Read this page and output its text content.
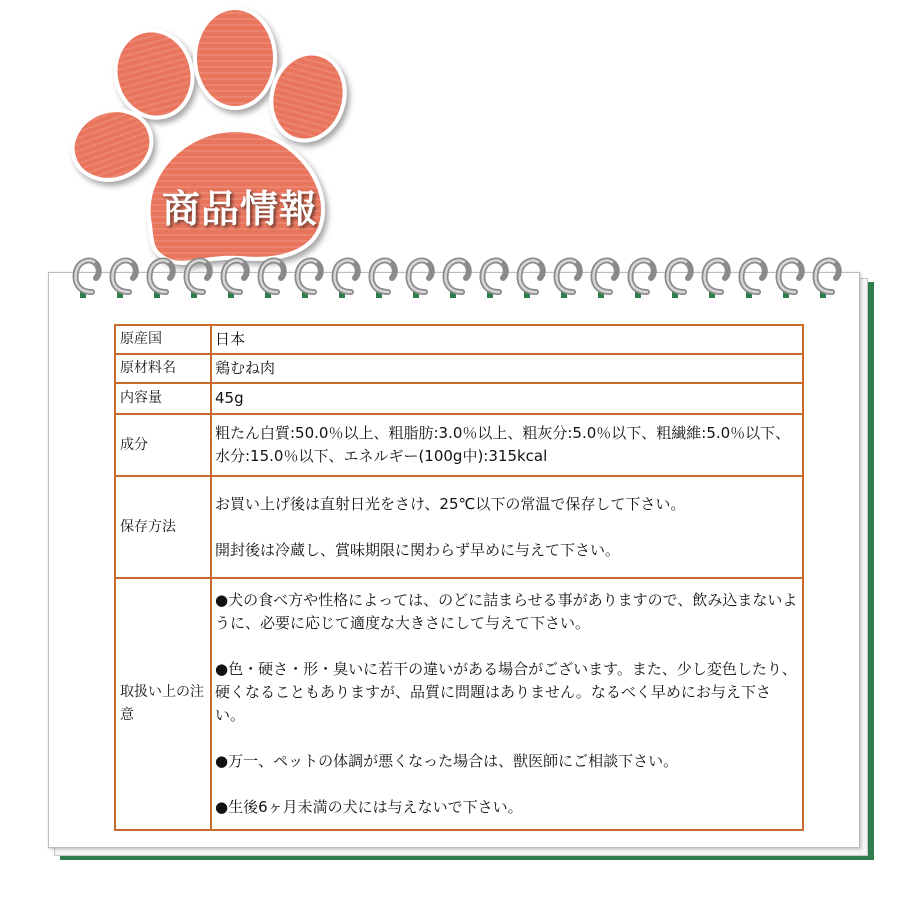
商品情報
原産国	日本
原材料名	鶏むね肉
内容量	45g
成分	粗たん白質:50.0％以上、粗脂肪:3.0％以上、粗灰分:5.0％以下、粗繊維:5.0％以下、水分:15.0％以下、エネルギー(100g中):315kcal
保存方法	お買い上げ後は直射日光をさけ、25℃以下の常温で保存して下さい。

開封後は冷蔵し、賞味期限に関わらず早めに与えて下さい。

取扱い上の注意	●犬の食べ方や性格によっては、のどに詰まらせる事がありますので、飲み込まないように、必要に応じて適度な大きさにして与えて下さい。

●色・硬さ・形・臭いに若干の違いがある場合がございます。また、少し変色したり、硬くなることもありますが、品質に問題はありません。なるべく早めにお与え下さい。

●万一、ペットの体調が悪くなった場合は、獣医師にご相談下さい。

●生後6ヶ月未満の犬には与えないで下さい。
